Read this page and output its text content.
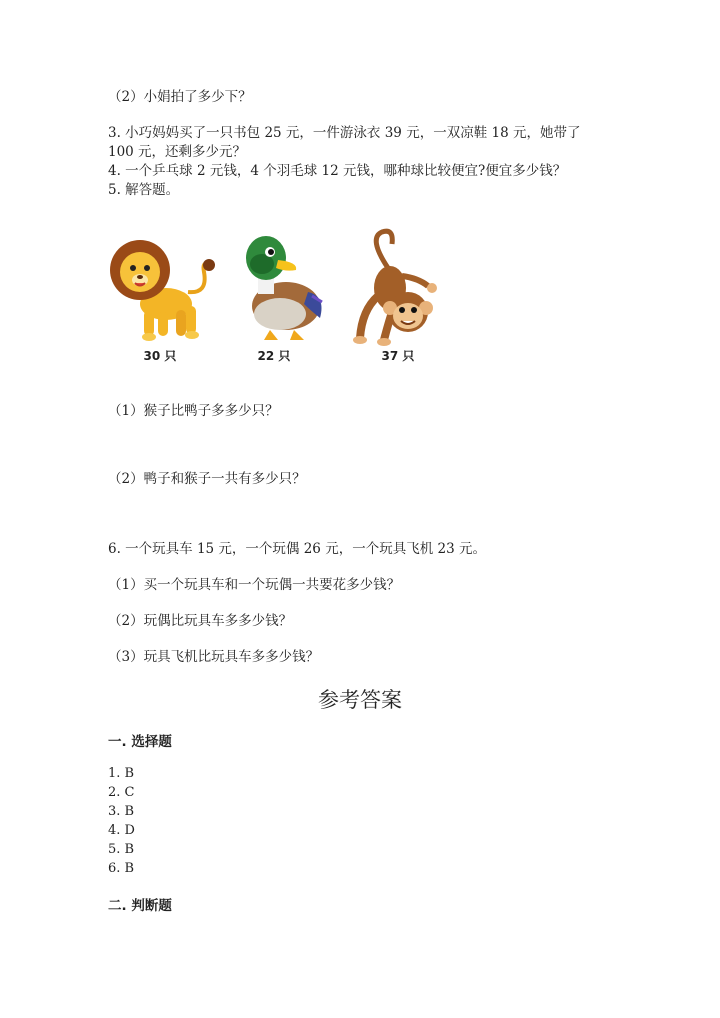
（2）小娟拍了多少下？
3. 小巧妈妈买了一只书包 25 元，一件游泳衣 39 元，一双凉鞋 18 元，她带了
100 元，还剩多少元？
4. 一个乒乓球 2 元钱，4 个羽毛球 12 元钱，哪种球比较便宜?便宜多少钱？
5. 解答题。
30 只	22 只	37 只
（1）猴子比鸭子多多少只？
（2）鸭子和猴子一共有多少只？
6. 一个玩具车 15 元，一个玩偶 26 元，一个玩具飞机 23 元。
（1）买一个玩具车和一个玩偶一共要花多少钱？
（2）玩偶比玩具车多多少钱？
（3）玩具飞机比玩具车多多少钱？
参考答案
一. 选择题
1. B
2. C
3. B
4. D
5. B
6. B
二. 判断题
